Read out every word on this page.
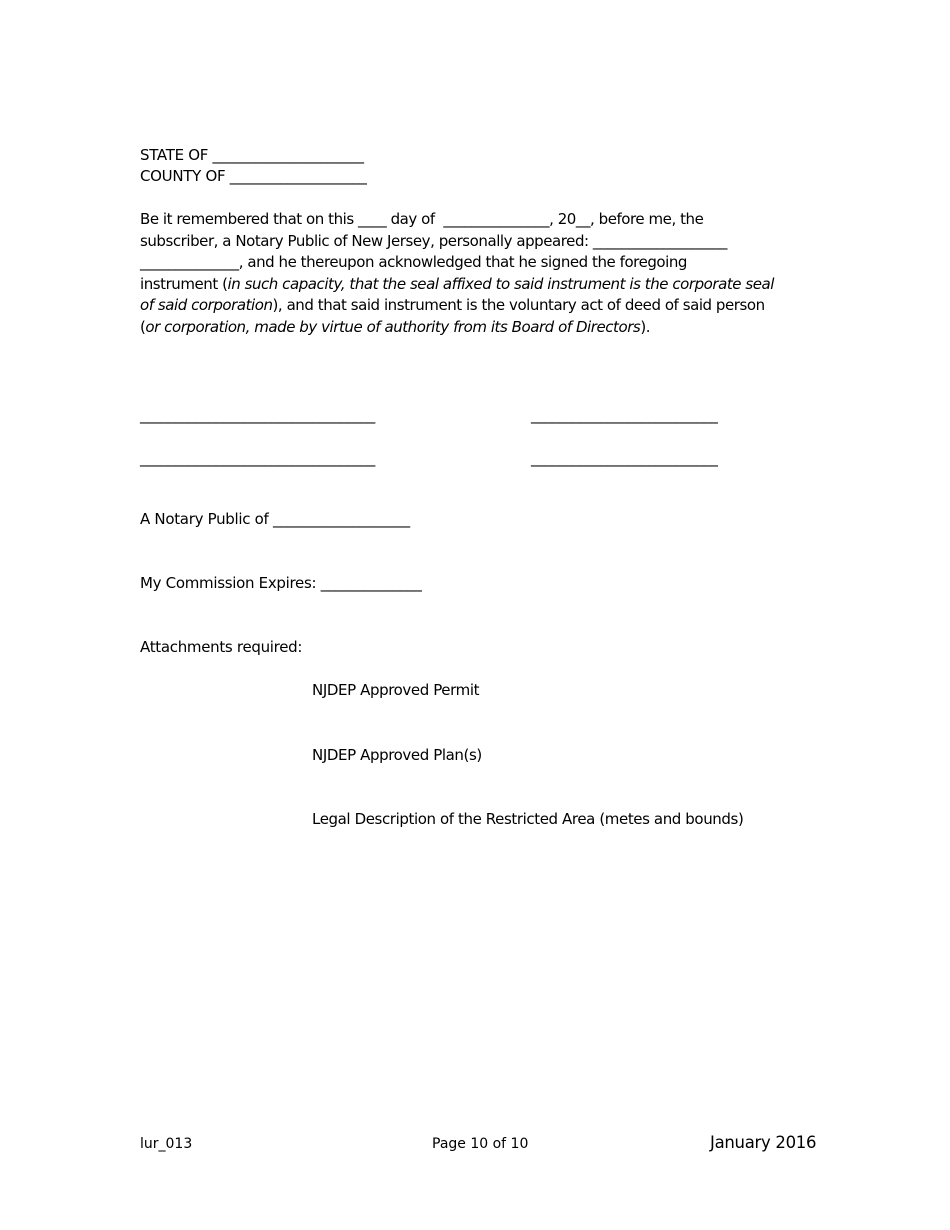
STATE OF _____________________
COUNTY OF ___________________
Be it remembered that on this ____ day of  _______________, 20__, before me, the
subscriber, a Notary Public of New Jersey, personally appeared: ___________________
______________, and he thereupon acknowledged that he signed the foregoing
instrument (in such capacity, that the seal affixed to said instrument is the corporate seal
of said corporation), and that said instrument is the voluntary act of deed of said person
(or corporation, made by virtue of authority from its Board of Directors).
__________________________________	___________________________
__________________________________	___________________________
A Notary Public of ___________________
My Commission Expires: ______________
Attachments required:

NJDEP Approved Permit

NJDEP Approved Plan(s)

Legal Description of the Restricted Area (metes and bounds)

lur_013	Page 10 of 10	January 2016
